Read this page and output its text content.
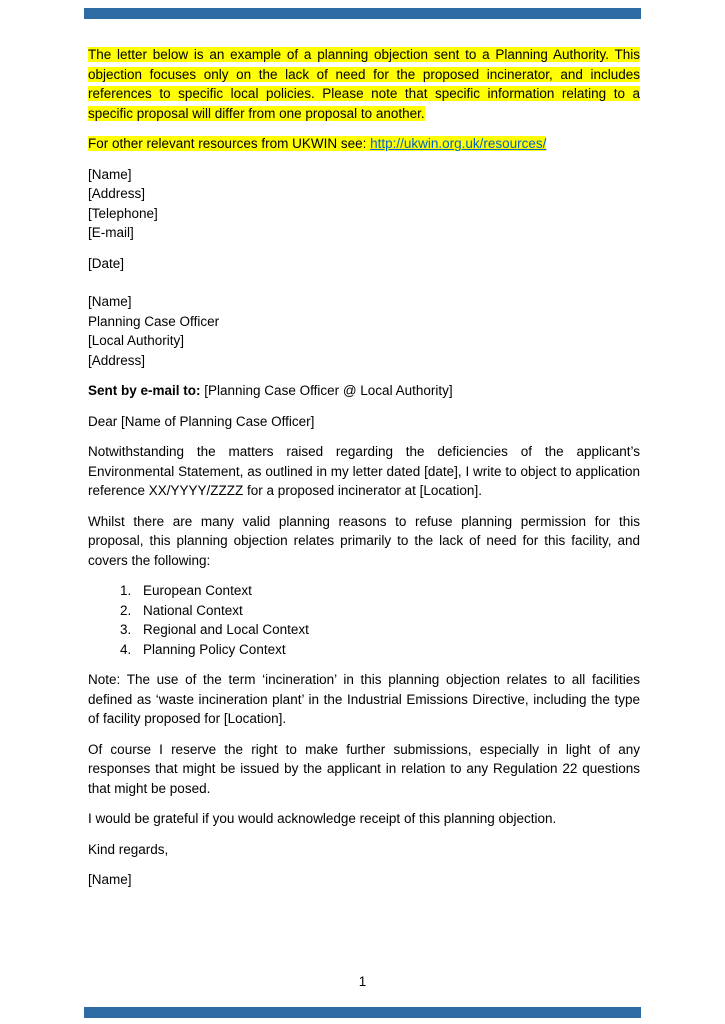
The letter below is an example of a planning objection sent to a Planning Authority. This objection focuses only on the lack of need for the proposed incinerator, and includes references to specific local policies. Please note that specific information relating to a specific proposal will differ from one proposal to another.

For other relevant resources from UKWIN see: http://ukwin.org.uk/resources/

[Name]

[Address]

[Telephone]

[E-mail]

[Date]

[Name]

Planning Case Officer

[Local Authority]

[Address]

Sent by e-mail to: [Planning Case Officer @ Local Authority]

Dear [Name of Planning Case Officer]

Notwithstanding the matters raised regarding the deficiencies of the applicant’s Environmental Statement, as outlined in my letter dated [date], I write to object to application reference XX/YYYY/ZZZZ for a proposed incinerator at [Location].

Whilst there are many valid planning reasons to refuse planning permission for this proposal, this planning objection relates primarily to the lack of need for this facility, and covers the following:

1. European Context
2. National Context
3. Regional and Local Context
4. Planning Policy Context

Note: The use of the term ‘incineration’ in this planning objection relates to all facilities defined as ‘waste incineration plant’ in the Industrial Emissions Directive, including the type of facility proposed for [Location].

Of course I reserve the right to make further submissions, especially in light of any responses that might be issued by the applicant in relation to any Regulation 22 questions that might be posed.

I would be grateful if you would acknowledge receipt of this planning objection.

Kind regards,

[Name]

1
